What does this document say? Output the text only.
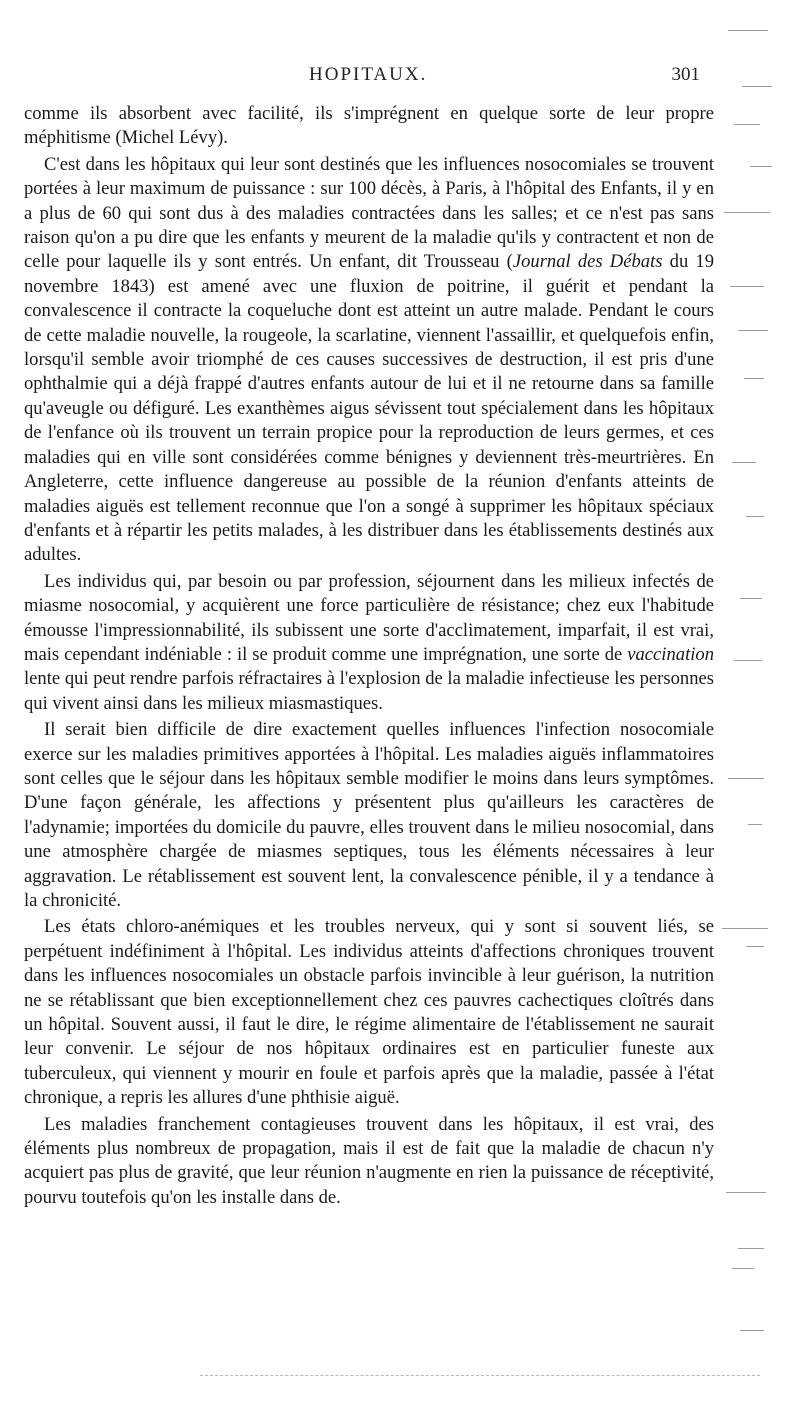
HOPITAUX.	301

comme ils absorbent avec facilité, ils s'imprégnent en quelque sorte de leur propre méphitisme (Michel Lévy).

C'est dans les hôpitaux qui leur sont destinés que les influences nosocomiales se trouvent portées à leur maximum de puissance : sur 100 décès, à Paris, à l'hôpital des Enfants, il y en a plus de 60 qui sont dus à des maladies contractées dans les salles; et ce n'est pas sans raison qu'on a pu dire que les enfants y meurent de la maladie qu'ils y contractent et non de celle pour laquelle ils y sont entrés. Un enfant, dit Trousseau (Journal des Débats du 19 novembre 1843) est amené avec une fluxion de poitrine, il guérit et pendant la convalescence il contracte la coqueluche dont est atteint un autre malade. Pendant le cours de cette maladie nouvelle, la rougeole, la scarlatine, viennent l'assaillir, et quelquefois enfin, lorsqu'il semble avoir triomphé de ces causes successives de destruction, il est pris d'une ophthalmie qui a déjà frappé d'autres enfants autour de lui et il ne retourne dans sa famille qu'aveugle ou défiguré. Les exanthèmes aigus sévissent tout spécialement dans les hôpitaux de l'enfance où ils trouvent un terrain propice pour la reproduction de leurs germes, et ces maladies qui en ville sont considérées comme bénignes y deviennent très-meurtrières. En Angleterre, cette influence dangereuse au possible de la réunion d'enfants atteints de maladies aiguës est tellement reconnue que l'on a songé à supprimer les hôpitaux spéciaux d'enfants et à répartir les petits malades, à les distribuer dans les établissements destinés aux adultes.

Les individus qui, par besoin ou par profession, séjournent dans les milieux infectés de miasme nosocomial, y acquièrent une force particulière de résistance; chez eux l'habitude émousse l'impressionnabilité, ils subissent une sorte d'acclimatement, imparfait, il est vrai, mais cependant indéniable : il se produit comme une imprégnation, une sorte de vaccination lente qui peut rendre parfois réfractaires à l'explosion de la maladie infectieuse les personnes qui vivent ainsi dans les milieux miasmastiques.

Il serait bien difficile de dire exactement quelles influences l'infection nosocomiale exerce sur les maladies primitives apportées à l'hôpital. Les maladies aiguës inflammatoires sont celles que le séjour dans les hôpitaux semble modifier le moins dans leurs symptômes. D'une façon générale, les affections y présentent plus qu'ailleurs les caractères de l'adynamie; importées du domicile du pauvre, elles trouvent dans le milieu nosocomial, dans une atmosphère chargée de miasmes septiques, tous les éléments nécessaires à leur aggravation. Le rétablissement est souvent lent, la convalescence pénible, il y a tendance à la chronicité.

Les états chloro-anémiques et les troubles nerveux, qui y sont si souvent liés, se perpétuent indéfiniment à l'hôpital. Les individus atteints d'affections chroniques trouvent dans les influences nosocomiales un obstacle parfois invincible à leur guérison, la nutrition ne se rétablissant que bien exceptionnellement chez ces pauvres cachectiques cloîtrés dans un hôpital. Souvent aussi, il faut le dire, le régime alimentaire de l'établissement ne saurait leur convenir. Le séjour de nos hôpitaux ordinaires est en particulier funeste aux tuberculeux, qui viennent y mourir en foule et parfois après que la maladie, passée à l'état chronique, a repris les allures d'une phthisie aiguë.

Les maladies franchement contagieuses trouvent dans les hôpitaux, il est vrai, des éléments plus nombreux de propagation, mais il est de fait que la maladie de chacun n'y acquiert pas plus de gravité, que leur réunion n'augmente en rien la puissance de réceptivité, pourvu toutefois qu'on les installe dans de.
